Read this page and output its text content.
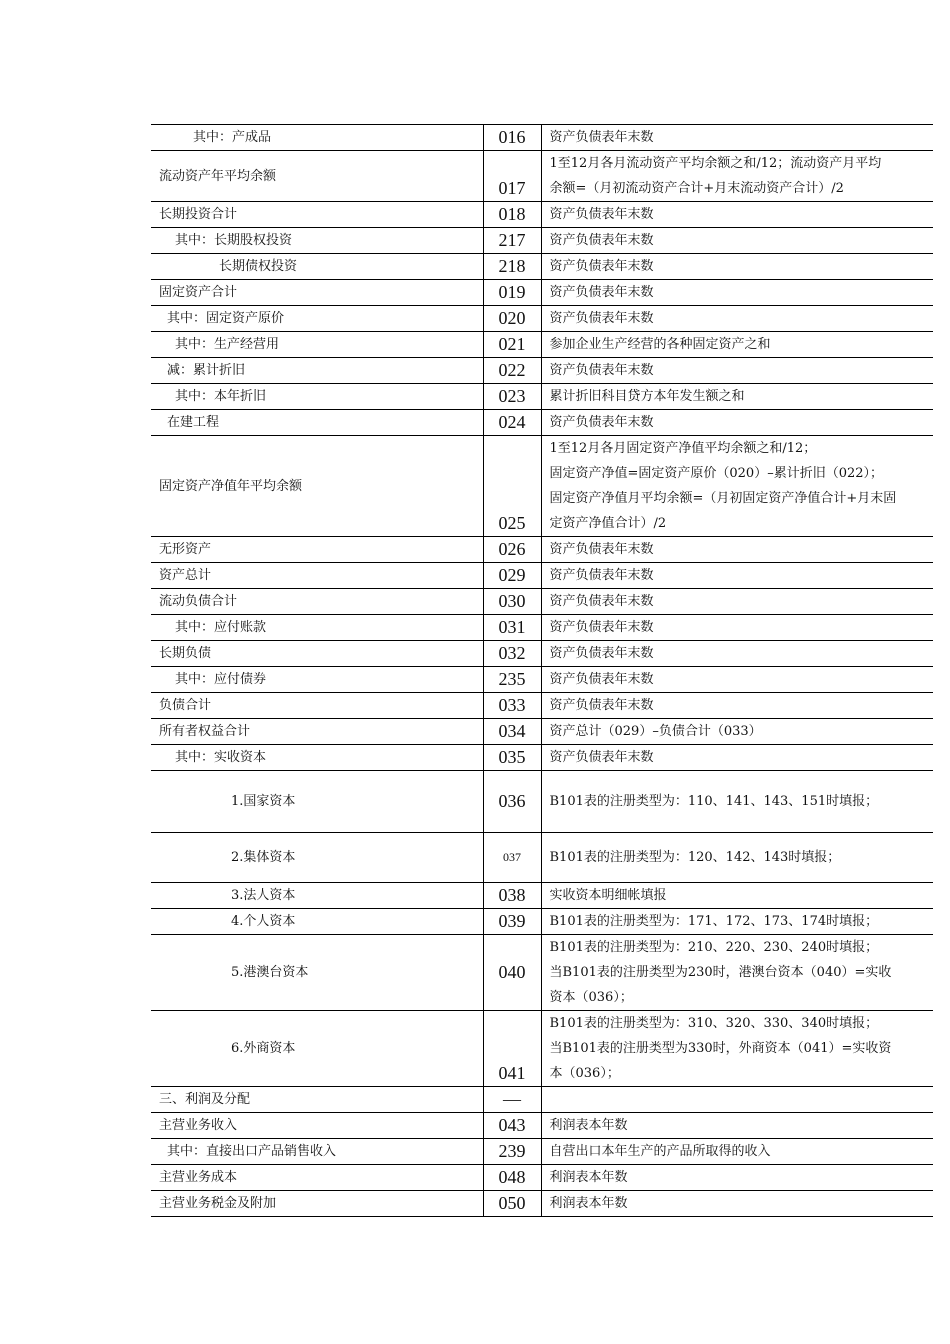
其中：产成品	016	资产负债表年末数

流动资产年平均余额	017	1至12月各月流动资产平均余额之和/12；流动资产月平均
余额=（月初流动资产合计+月末流动资产合计）/2

长期投资合计	018	资产负债表年末数

其中：长期股权投资	217	资产负债表年末数

长期债权投资	218	资产负债表年末数

固定资产合计	019	资产负债表年末数

其中：固定资产原价	020	资产负债表年末数

其中：生产经营用	021	参加企业生产经营的各种固定资产之和

减：累计折旧	022	资产负债表年末数

其中：本年折旧	023	累计折旧科目贷方本年发生额之和

在建工程	024	资产负债表年末数

固定资产净值年平均余额	025	1至12月各月固定资产净值平均余额之和/12；
固定资产净值=固定资产原价（020）–累计折旧（022）；
固定资产净值月平均余额=（月初固定资产净值合计+月末固
定资产净值合计）/2

无形资产	026	资产负债表年末数

资产总计	029	资产负债表年末数

流动负债合计	030	资产负债表年末数

其中：应付账款	031	资产负债表年末数

长期负债	032	资产负债表年末数

其中：应付债券	235	资产负债表年末数

负债合计	033	资产负债表年末数

所有者权益合计	034	资产总计（029）–负债合计（033）

其中：实收资本	035	资产负债表年末数

1.国家资本	036	B101表的注册类型为：110、141、143、151时填报；

2.集体资本	037	B101表的注册类型为：120、142、143时填报；

3.法人资本	038	实收资本明细帐填报

4.个人资本	039	B101表的注册类型为：171、172、173、174时填报；

5.港澳台资本	040	B101表的注册类型为：210、220、230、240时填报；
当B101表的注册类型为230时，港澳台资本（040）=实收
资本（036）；

6.外商资本	041	B101表的注册类型为：310、320、330、340时填报；
当B101表的注册类型为330时，外商资本（041）=实收资
本（036）；

三、利润及分配	—	

主营业务收入	043	利润表本年数

其中：直接出口产品销售收入	239	自营出口本年生产的产品所取得的收入

主营业务成本	048	利润表本年数

主营业务税金及附加	050	利润表本年数
